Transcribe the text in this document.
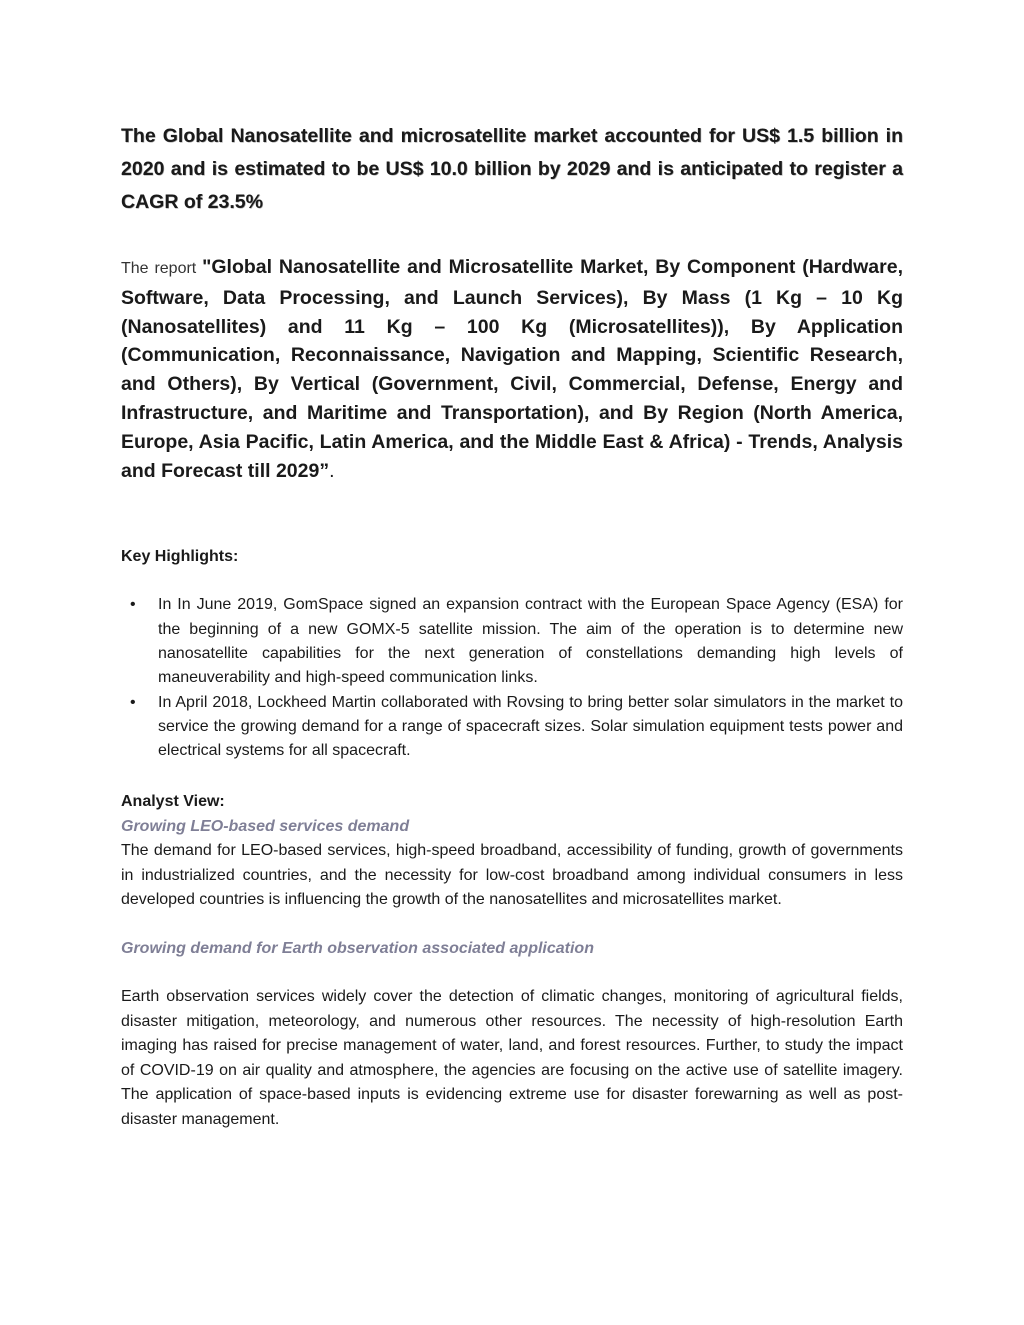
The Global Nanosatellite and microsatellite market accounted for US$ 1.5 billion in 2020 and is estimated to be US$ 10.0 billion by 2029 and is anticipated to register a CAGR of 23.5%

The report "Global Nanosatellite and Microsatellite Market, By Component (Hardware, Software, Data Processing, and Launch Services), By Mass (1 Kg – 10 Kg (Nanosatellites) and 11 Kg – 100 Kg (Microsatellites)), By Application (Communication, Reconnaissance, Navigation and Mapping, Scientific Research, and Others), By Vertical (Government, Civil, Commercial, Defense, Energy and Infrastructure, and Maritime and Transportation), and By Region (North America, Europe, Asia Pacific, Latin America, and the Middle East & Africa) - Trends, Analysis and Forecast till 2029”.

Key Highlights:

• In In June 2019, GomSpace signed an expansion contract with the European Space Agency (ESA) for the beginning of a new GOMX-5 satellite mission. The aim of the operation is to determine new nanosatellite capabilities for the next generation of constellations demanding high levels of maneuverability and high-speed communication links.
• In April 2018, Lockheed Martin collaborated with Rovsing to bring better solar simulators in the market to service the growing demand for a range of spacecraft sizes. Solar simulation equipment tests power and electrical systems for all spacecraft.

Analyst View:

Growing LEO-based services demand

The demand for LEO-based services, high-speed broadband, accessibility of funding, growth of governments in industrialized countries, and the necessity for low-cost broadband among individual consumers in less developed countries is influencing the growth of the nanosatellites and microsatellites market.

Growing demand for Earth observation associated application

Earth observation services widely cover the detection of climatic changes, monitoring of agricultural fields, disaster mitigation, meteorology, and numerous other resources. The necessity of high-resolution Earth imaging has raised for precise management of water, land, and forest resources. Further, to study the impact of COVID-19 on air quality and atmosphere, the agencies are focusing on the active use of satellite imagery. The application of space-based inputs is evidencing extreme use for disaster forewarning as well as post-disaster management.
